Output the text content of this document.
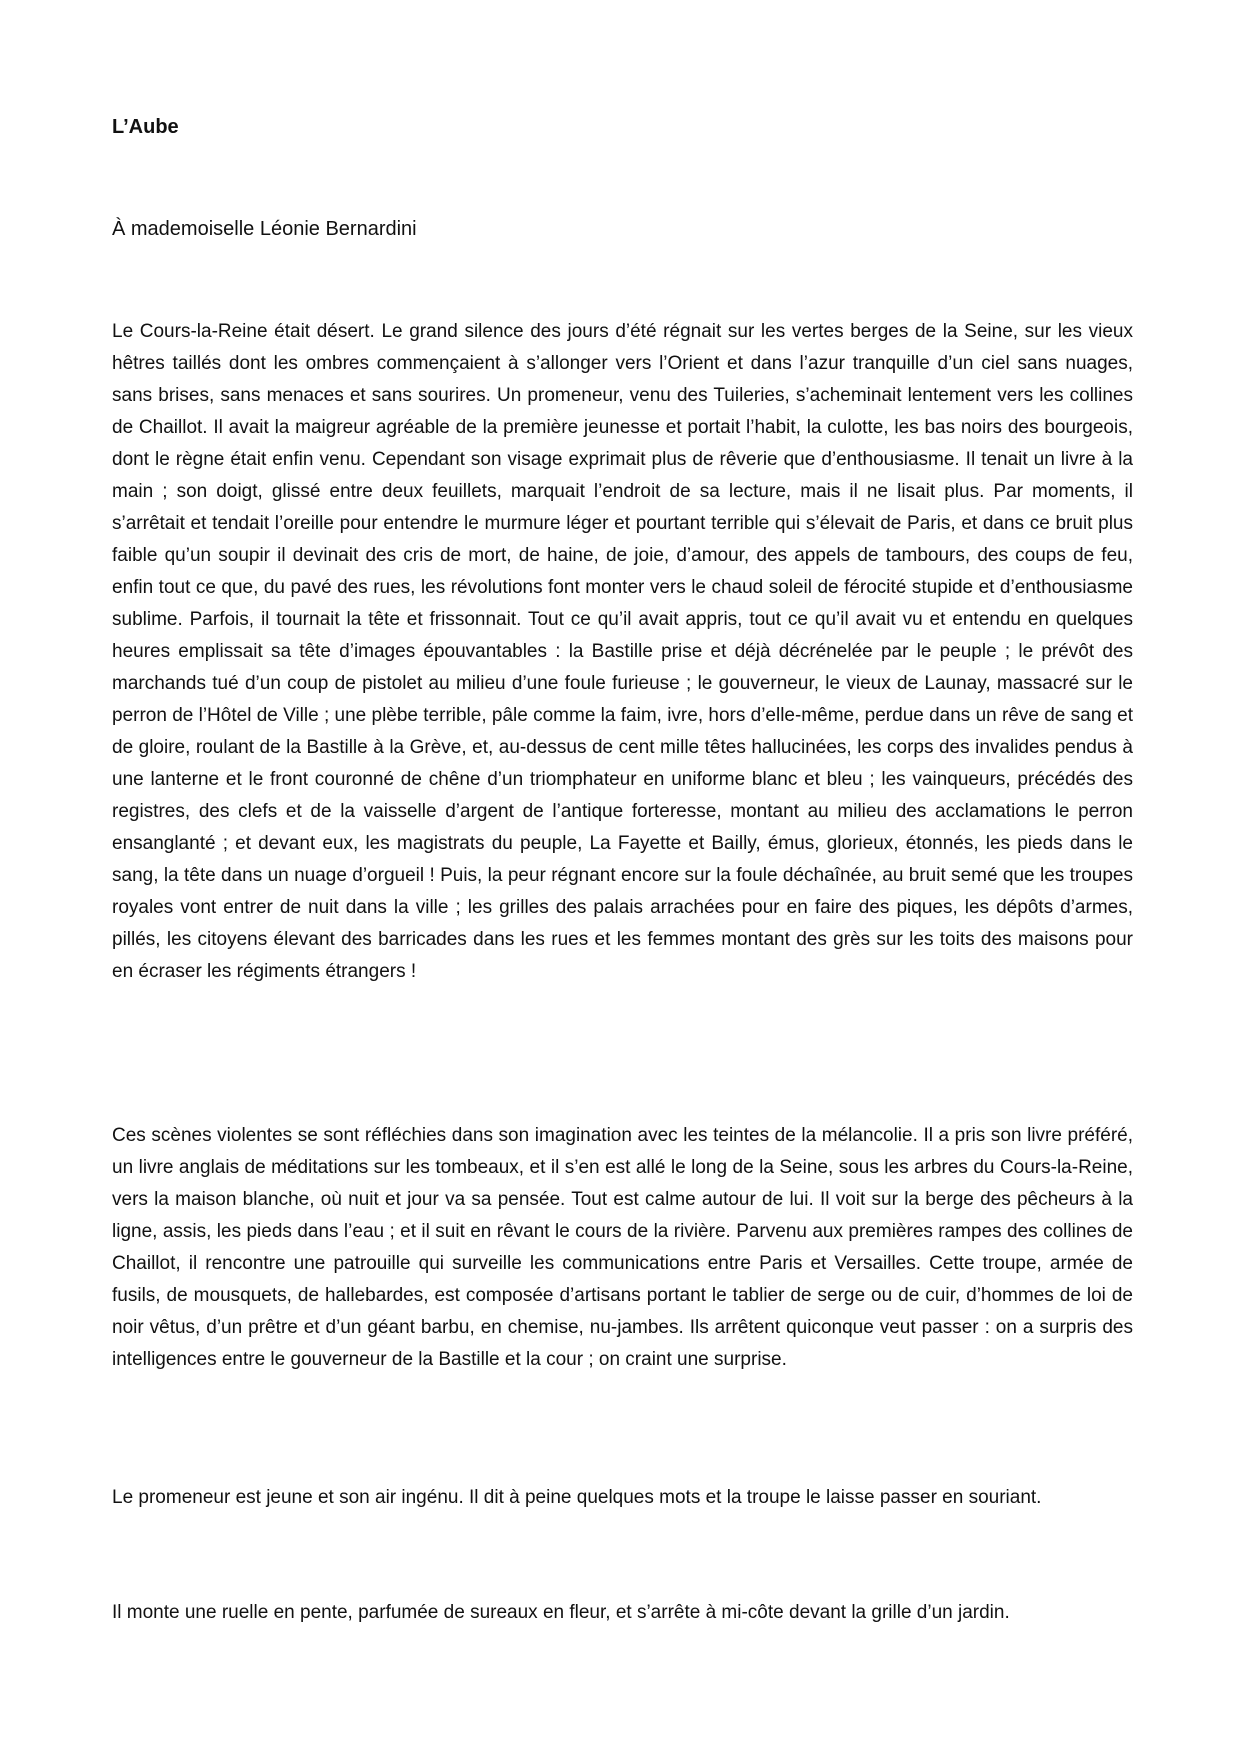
L’Aube

À mademoiselle Léonie Bernardini

Le Cours-la-Reine était désert. Le grand silence des jours d’été régnait sur les vertes berges de la Seine, sur les vieux hêtres taillés dont les ombres commençaient à s’allonger vers l’Orient et dans l’azur tranquille d’un ciel sans nuages, sans brises, sans menaces et sans sourires. Un promeneur, venu des Tuileries, s’acheminait lentement vers les collines de Chaillot. Il avait la maigreur agréable de la première jeunesse et portait l’habit, la culotte, les bas noirs des bourgeois, dont le règne était enfin venu. Cependant son visage exprimait plus de rêverie que d’enthousiasme. Il tenait un livre à la main ; son doigt, glissé entre deux feuillets, marquait l’endroit de sa lecture, mais il ne lisait plus. Par moments, il s’arrêtait et tendait l’oreille pour entendre le murmure léger et pourtant terrible qui s’élevait de Paris, et dans ce bruit plus faible qu’un soupir il devinait des cris de mort, de haine, de joie, d’amour, des appels de tambours, des coups de feu, enfin tout ce que, du pavé des rues, les révolutions font monter vers le chaud soleil de férocité stupide et d’enthousiasme sublime. Parfois, il tournait la tête et frissonnait. Tout ce qu’il avait appris, tout ce qu’il avait vu et entendu en quelques heures emplissait sa tête d’images épouvantables : la Bastille prise et déjà décrénelée par le peuple ; le prévôt des marchands tué d’un coup de pistolet au milieu d’une foule furieuse ; le gouverneur, le vieux de Launay, massacré sur le perron de l’Hôtel de Ville ; une plèbe terrible, pâle comme la faim, ivre, hors d’elle-même, perdue dans un rêve de sang et de gloire, roulant de la Bastille à la Grève, et, au-dessus de cent mille têtes hallucinées, les corps des invalides pendus à une lanterne et le front couronné de chêne d’un triomphateur en uniforme blanc et bleu ; les vainqueurs, précédés des registres, des clefs et de la vaisselle d’argent de l’antique forteresse, montant au milieu des acclamations le perron ensanglanté ; et devant eux, les magistrats du peuple, La Fayette et Bailly, émus, glorieux, étonnés, les pieds dans le sang, la tête dans un nuage d’orgueil ! Puis, la peur régnant encore sur la foule déchaînée, au bruit semé que les troupes royales vont entrer de nuit dans la ville ; les grilles des palais arrachées pour en faire des piques, les dépôts d’armes, pillés, les citoyens élevant des barricades dans les rues et les femmes montant des grès sur les toits des maisons pour en écraser les régiments étrangers !

Ces scènes violentes se sont réfléchies dans son imagination avec les teintes de la mélancolie. Il a pris son livre préféré, un livre anglais de méditations sur les tombeaux, et il s’en est allé le long de la Seine, sous les arbres du Cours-la-Reine, vers la maison blanche, où nuit et jour va sa pensée. Tout est calme autour de lui. Il voit sur la berge des pêcheurs à la ligne, assis, les pieds dans l’eau ; et il suit en rêvant le cours de la rivière. Parvenu aux premières rampes des collines de Chaillot, il rencontre une patrouille qui surveille les communications entre Paris et Versailles. Cette troupe, armée de fusils, de mousquets, de hallebardes, est composée d’artisans portant le tablier de serge ou de cuir, d’hommes de loi de noir vêtus, d’un prêtre et d’un géant barbu, en chemise, nu-jambes. Ils arrêtent quiconque veut passer : on a surpris des intelligences entre le gouverneur de la Bastille et la cour ; on craint une surprise.

Le promeneur est jeune et son air ingénu. Il dit à peine quelques mots et la troupe le laisse passer en souriant.

Il monte une ruelle en pente, parfumée de sureaux en fleur, et s’arrête à mi-côte devant la grille d’un jardin.
